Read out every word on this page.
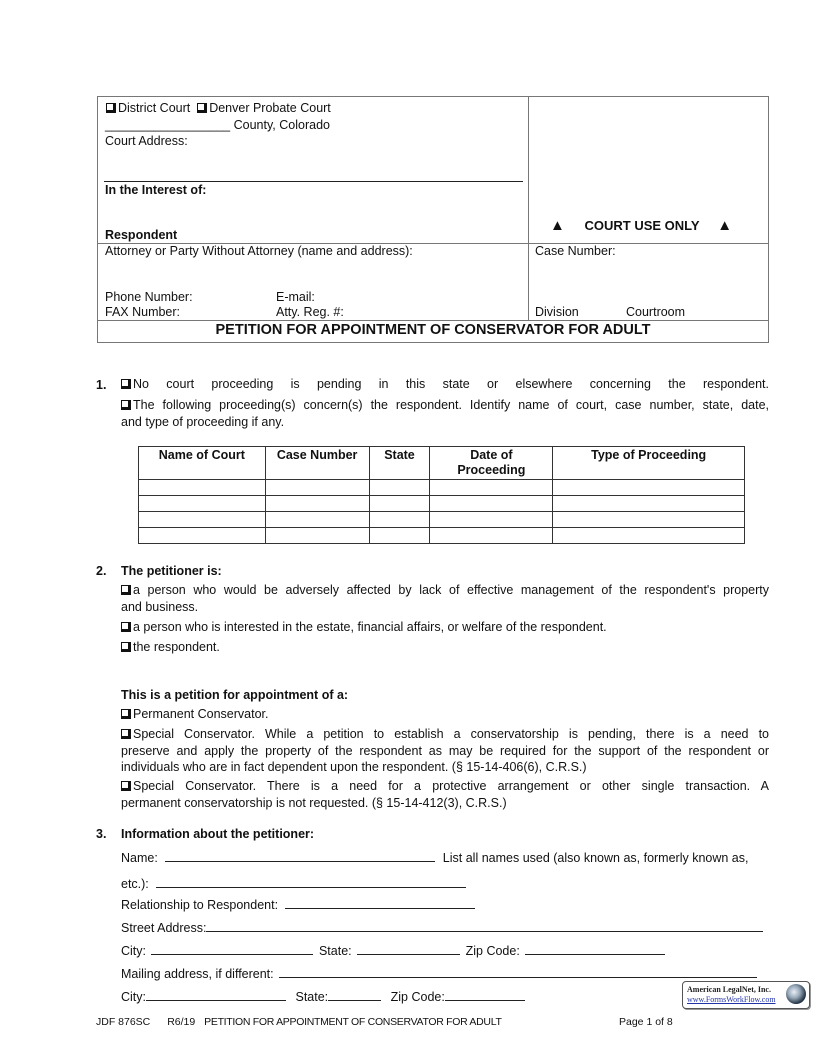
District Court Denver Probate Court
__________________ County, Colorado
Court Address:
In the Interest of:
Respondent
▲ COURT USE ONLY ▲
Attorney or Party Without Attorney (name and address):
Phone Number:	E-mail:
FAX Number:	Atty. Reg. #:
Case Number:
Division	Courtroom
PETITION FOR APPOINTMENT OF CONSERVATOR FOR ADULT
1.	No court proceeding is pending in this state or elsewhere concerning the respondent.
The following proceeding(s) concern(s) the respondent. Identify name of court, case number, state, date,
and type of proceeding if any.
Name of Court	Case Number	State	Date of Proceeding	Type of Proceeding

2. The petitioner is:
a person who would be adversely affected by lack of effective management of the respondent's property
and business.
a person who is interested in the estate, financial affairs, or welfare of the respondent.
the respondent.
This is a petition for appointment of a:
Permanent Conservator.
Special Conservator. While a petition to establish a conservatorship is pending, there is a need to
preserve and apply the property of the respondent as may be required for the support of the respondent or
individuals who are in fact dependent upon the respondent. (§ 15-14-406(6), C.R.S.)
Special Conservator. There is a need for a protective arrangement or other single transaction. A
permanent conservatorship is not requested. (§ 15-14-412(3), C.R.S.)
3. Information about the petitioner:
Name:	List all names used (also known as, formerly known as,
etc.):
Relationship to Respondent:
Street Address:
City:	State:	Zip Code:
Mailing address, if different:
City:	State:	Zip Code:
American LegalNet, Inc.
www.FormsWorkFlow.com
JDF 876SC R6/19 PETITION FOR APPOINTMENT OF CONSERVATOR FOR ADULT	Page 1 of 8
